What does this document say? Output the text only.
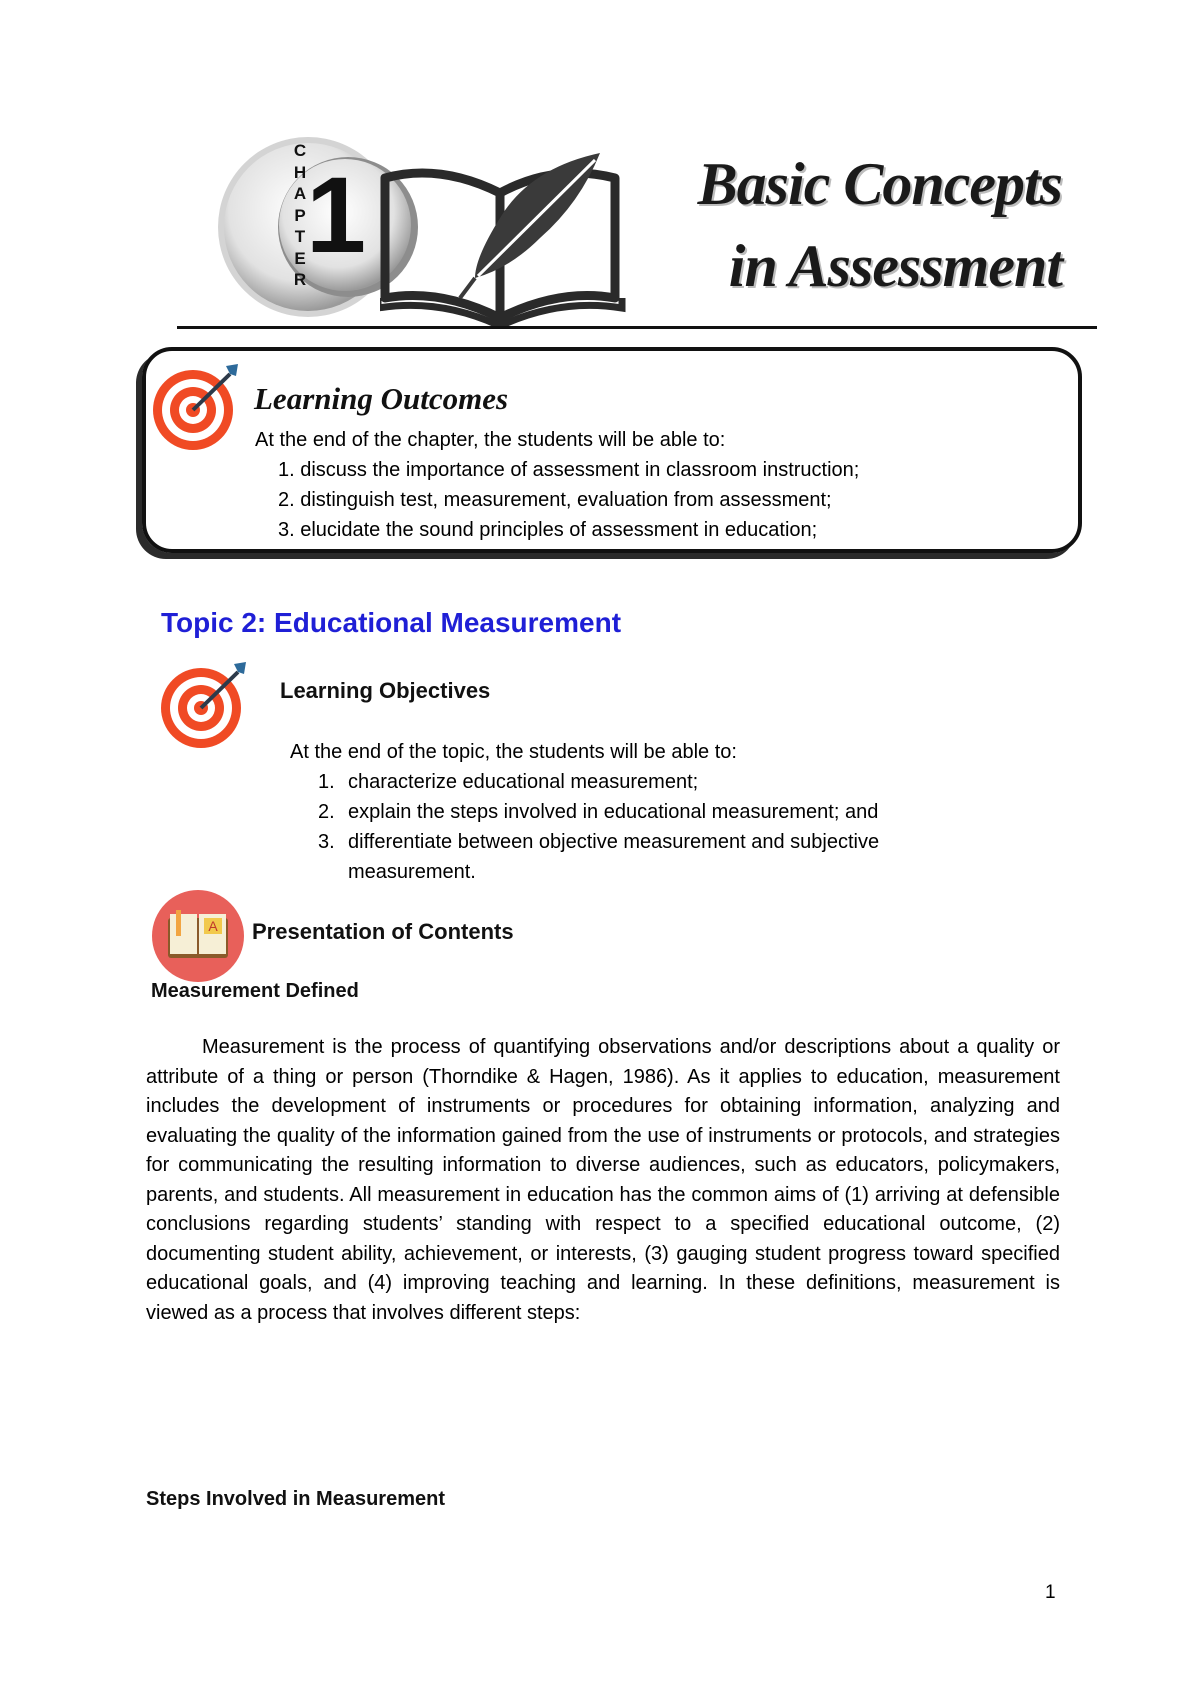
C
H
A
P
T
E
R
1	Basic Concepts
in Assessment
Learning Outcomes
At the end of the chapter, the students will be able to:
1. discuss the importance of assessment in classroom instruction;
2. distinguish test, measurement, evaluation from assessment;
3. elucidate the sound principles of assessment in education;
Topic 2: Educational Measurement
Learning Objectives
At the end of the topic, the students will be able to:
1. characterize educational measurement;
2. explain the steps involved in educational measurement; and
3. differentiate between objective measurement and subjective measurement.
A Presentation of Contents
Measurement Defined
Measurement is the process of quantifying observations and/or descriptions about a quality or attribute of a thing or person (Thorndike & Hagen, 1986). As it applies to education, measurement includes the development of instruments or procedures for obtaining information, analyzing and evaluating the quality of the information gained from the use of instruments or protocols, and strategies for communicating the resulting information to diverse audiences, such as educators, policymakers, parents, and students. All measurement in education has the common aims of (1) arriving at defensible conclusions regarding students’ standing with respect to a specified educational outcome, (2) documenting student ability, achievement, or interests, (3) gauging student progress toward specified educational goals, and (4) improving teaching and learning. In these definitions, measurement is viewed as a process that involves different steps:
Steps Involved in Measurement
1
